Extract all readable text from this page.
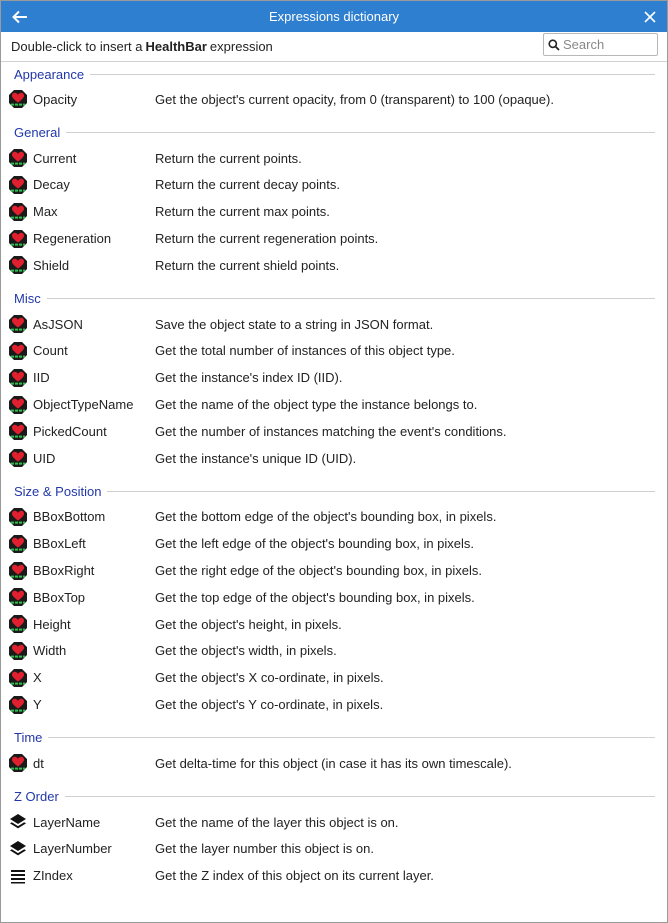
Expressions dictionary
Double-click to insert a HealthBar expression
Search
Appearance
Opacity	Get the object's current opacity, from 0 (transparent) to 100 (opaque).
General
Current	Return the current points.
Decay	Return the current decay points.
Max	Return the current max points.
Regeneration	Return the current regeneration points.
Shield	Return the current shield points.
Misc
AsJSON	Save the object state to a string in JSON format.
Count	Get the total number of instances of this object type.
IID	Get the instance's index ID (IID).
ObjectTypeName	Get the name of the object type the instance belongs to.
PickedCount	Get the number of instances matching the event's conditions.
UID	Get the instance's unique ID (UID).
Size & Position
BBoxBottom	Get the bottom edge of the object's bounding box, in pixels.
BBoxLeft	Get the left edge of the object's bounding box, in pixels.
BBoxRight	Get the right edge of the object's bounding box, in pixels.
BBoxTop	Get the top edge of the object's bounding box, in pixels.
Height	Get the object's height, in pixels.
Width	Get the object's width, in pixels.
X	Get the object's X co-ordinate, in pixels.
Y	Get the object's Y co-ordinate, in pixels.
Time
dt	Get delta-time for this object (in case it has its own timescale).
Z Order
LayerName	Get the name of the layer this object is on.
LayerNumber	Get the layer number this object is on.
ZIndex	Get the Z index of this object on its current layer.
